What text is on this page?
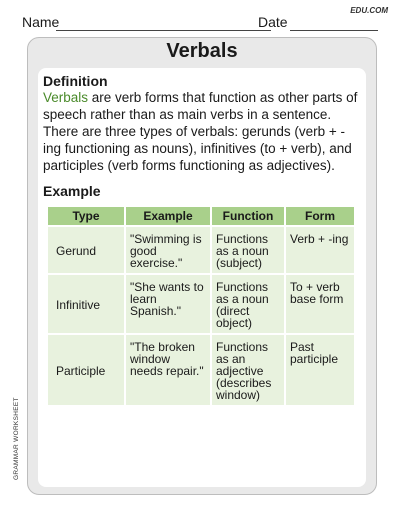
Name	Date
EDU.COM
Verbals
Definition
Verbals are verb forms that function as other parts of speech rather than as main verbs in a sentence. There are three types of verbals: gerunds (verb + -ing functioning as nouns), infinitives (to + verb), and participles (verb forms functioning as adjectives).
Example
Type	Example	Function	Form
Gerund	"Swimming is good exercise."	Functions as a noun (subject)	Verb + -ing
Infinitive	"She wants to learn Spanish."	Functions as a noun (direct object)	To + verb base form
Participle	"The broken window needs repair."	Functions as an adjective (describes window)	Past participle
GRAMMAR WORKSHEET
